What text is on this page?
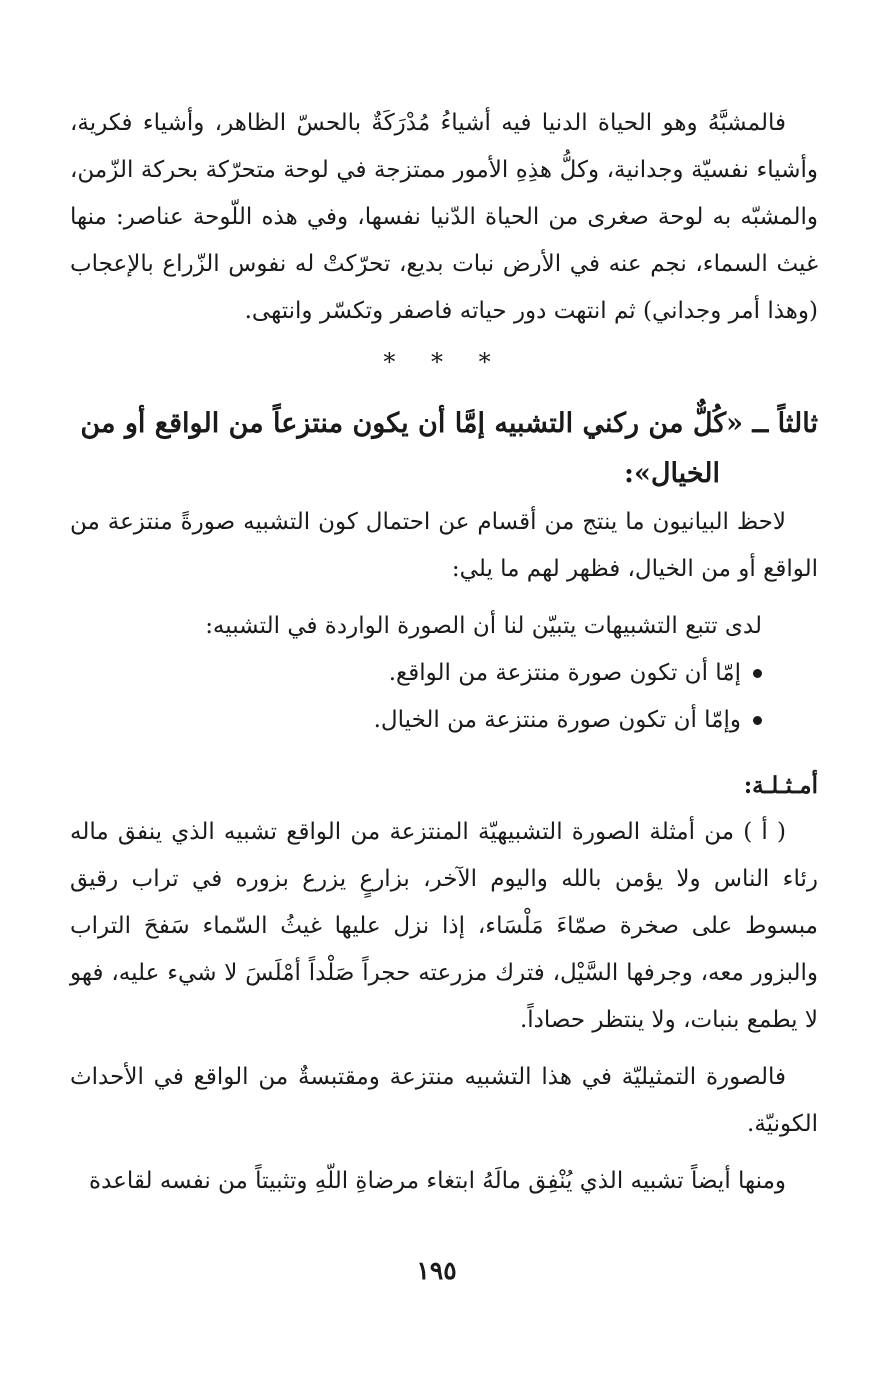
فالمشبَّهُ وهو الحياة الدنيا فيه أشياءُ مُدْرَكَةٌ بالحسّ الظاهر، وأشياء فكرية، وأشياء نفسيّة وجدانية، وكلُّ هذِهِ الأمور ممتزجة في لوحة متحرّكة بحركة الزّمن، والمشبّه به لوحة صغرى من الحياة الدّنيا نفسها، وفي هذه اللّوحة عناصر: منها غيث السماء، نجم عنه في الأرض نبات بديع، تحرّكتْ له نفوس الزّراع بالإعجاب (وهذا أمر وجداني) ثم انتهت دور حياته فاصفر وتكسّر وانتهى.

* * *

ثالثاً ــ «كُلٌّ من ركني التشبيه إمَّا أن يكون منتزعاً من الواقع أو من

الخيال»:

لاحظ البيانيون ما ينتج من أقسام عن احتمال كون التشبيه صورةً منتزعة من الواقع أو من الخيال، فظهر لهم ما يلي:

لدى تتبع التشبيهات يتبيّن لنا أن الصورة الواردة في التشبيه:

إمّا أن تكون صورة منتزعة من الواقع.
وإمّا أن تكون صورة منتزعة من الخيال.

أمـثـلـة:

( أ ) من أمثلة الصورة التشبيهيّة المنتزعة من الواقع تشبيه الذي ينفق ماله رئاء الناس ولا يؤمن بالله واليوم الآخر، بزارعٍ يزرع بزوره في تراب رقيق مبسوط على صخرة صمّاءَ مَلْسَاء، إذا نزل عليها غيثُ السّماء سَفحَ التراب والبزور معه، وجرفها السَّيْل، فترك مزرعته حجراً صَلْداً أمْلَسَ لا شيء عليه، فهو لا يطمع بنبات، ولا ينتظر حصاداً.

فالصورة التمثيليّة في هذا التشبيه منتزعة ومقتبسةٌ من الواقع في الأحداث الكونيّة.

ومنها أيضاً تشبيه الذي يُنْفِق مالَهُ ابتغاء مرضاةِ اللّهِ وتثبيتاً من نفسه لقاعدة

١٩٥
